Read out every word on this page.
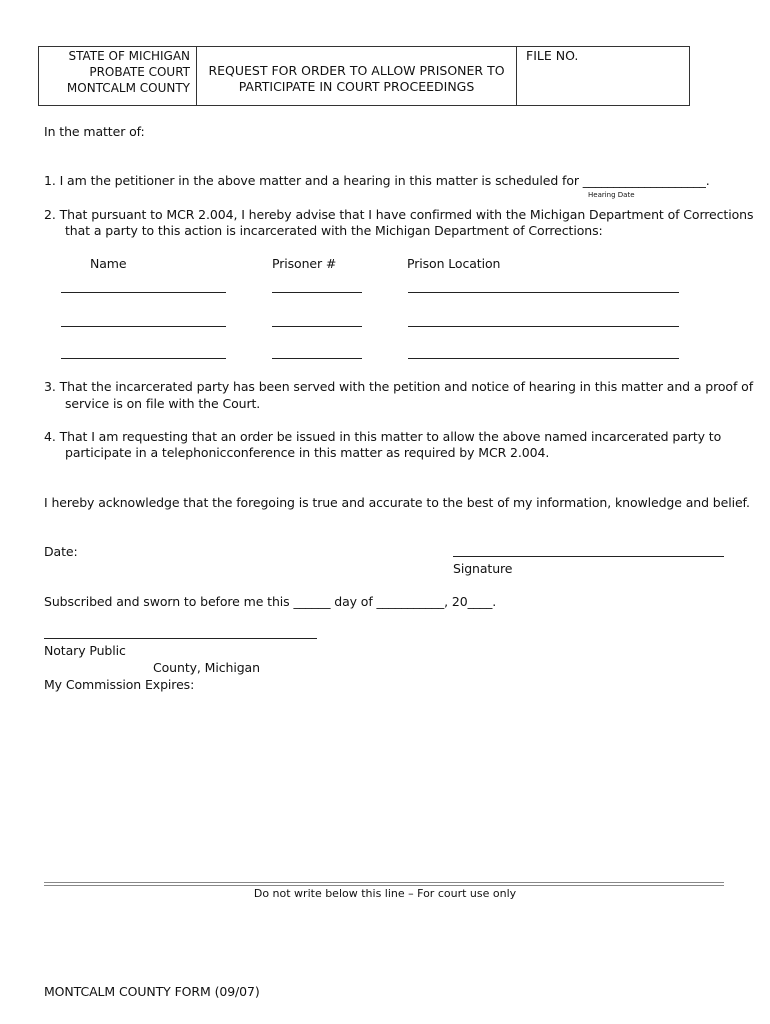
STATE OF MICHIGAN
PROBATE COURT
MONTCALM COUNTY
REQUEST FOR ORDER TO ALLOW PRISONER TO
PARTICIPATE IN COURT PROCEEDINGS
FILE NO.
In the matter of:
1. I am the petitioner in the above matter and a hearing in this matter is scheduled for ____________________.
Hearing Date
2. That pursuant to MCR 2.004, I hereby advise that I have confirmed with the Michigan Department of Corrections
that a party to this action is incarcerated with the Michigan Department of Corrections:
Name	Prisoner #	Prison Location
3. That the incarcerated party has been served with the petition and notice of hearing in this matter and a proof of
service is on file with the Court.
4. That I am requesting that an order be issued in this matter to allow the above named incarcerated party to
participate in a telephonicconference in this matter as required by MCR 2.004.
I hereby acknowledge that the foregoing is true and accurate to the best of my information, knowledge and belief.
Date:
Signature
Subscribed and sworn to before me this ______ day of ___________, 20____.
Notary Public
County, Michigan
My Commission Expires:
Do not write below this line – For court use only
MONTCALM COUNTY FORM (09/07)
